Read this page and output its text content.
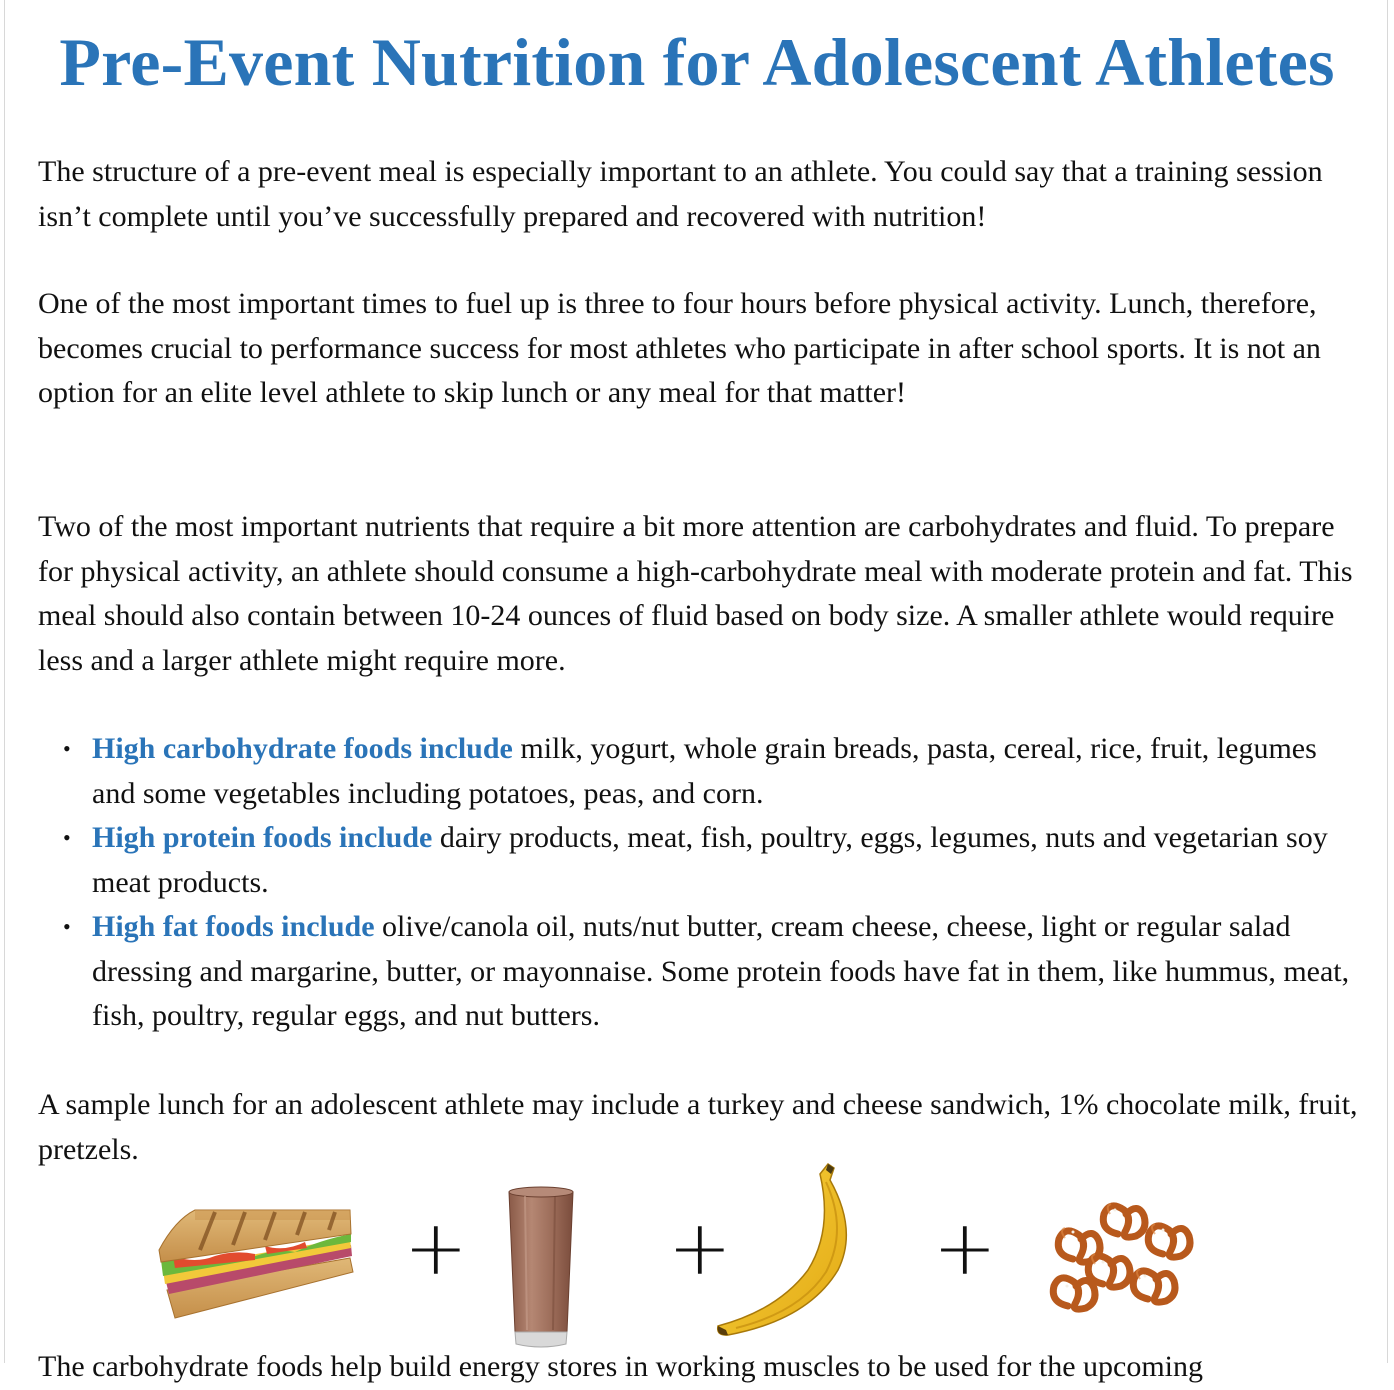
Pre-Event Nutrition for Adolescent Athletes

The structure of a pre-event meal is especially important to an athlete. You could say that a training session isn’t complete until you’ve successfully prepared and recovered with nutrition!

One of the most important times to fuel up is three to four hours before physical activity. Lunch, therefore, becomes crucial to performance success for most athletes who participate in after school sports. It is not an option for an elite level athlete to skip lunch or any meal for that matter!

Two of the most important nutrients that require a bit more attention are carbohydrates and fluid. To prepare for physical activity, an athlete should consume a high-carbohydrate meal with moderate protein and fat. This meal should also contain between 10-24 ounces of fluid based on body size. A smaller athlete would require less and a larger athlete might require more.

• High carbohydrate foods include milk, yogurt, whole grain breads, pasta, cereal, rice, fruit, legumes and some vegetables including potatoes, peas, and corn.
• High protein foods include dairy products, meat, fish, poultry, eggs, legumes, nuts and vegetarian soy meat products.
• High fat foods include olive/canola oil, nuts/nut butter, cream cheese, cheese, light or regular salad dressing and margarine, butter, or mayonnaise. Some protein foods have fat in them, like hummus, meat, fish, poultry, regular eggs, and nut butters.

A sample lunch for an adolescent athlete may include a turkey and cheese sandwich, 1% chocolate milk, fruit, pretzels.

+	+	+

The carbohydrate foods help build energy stores in working muscles to be used for the upcoming
